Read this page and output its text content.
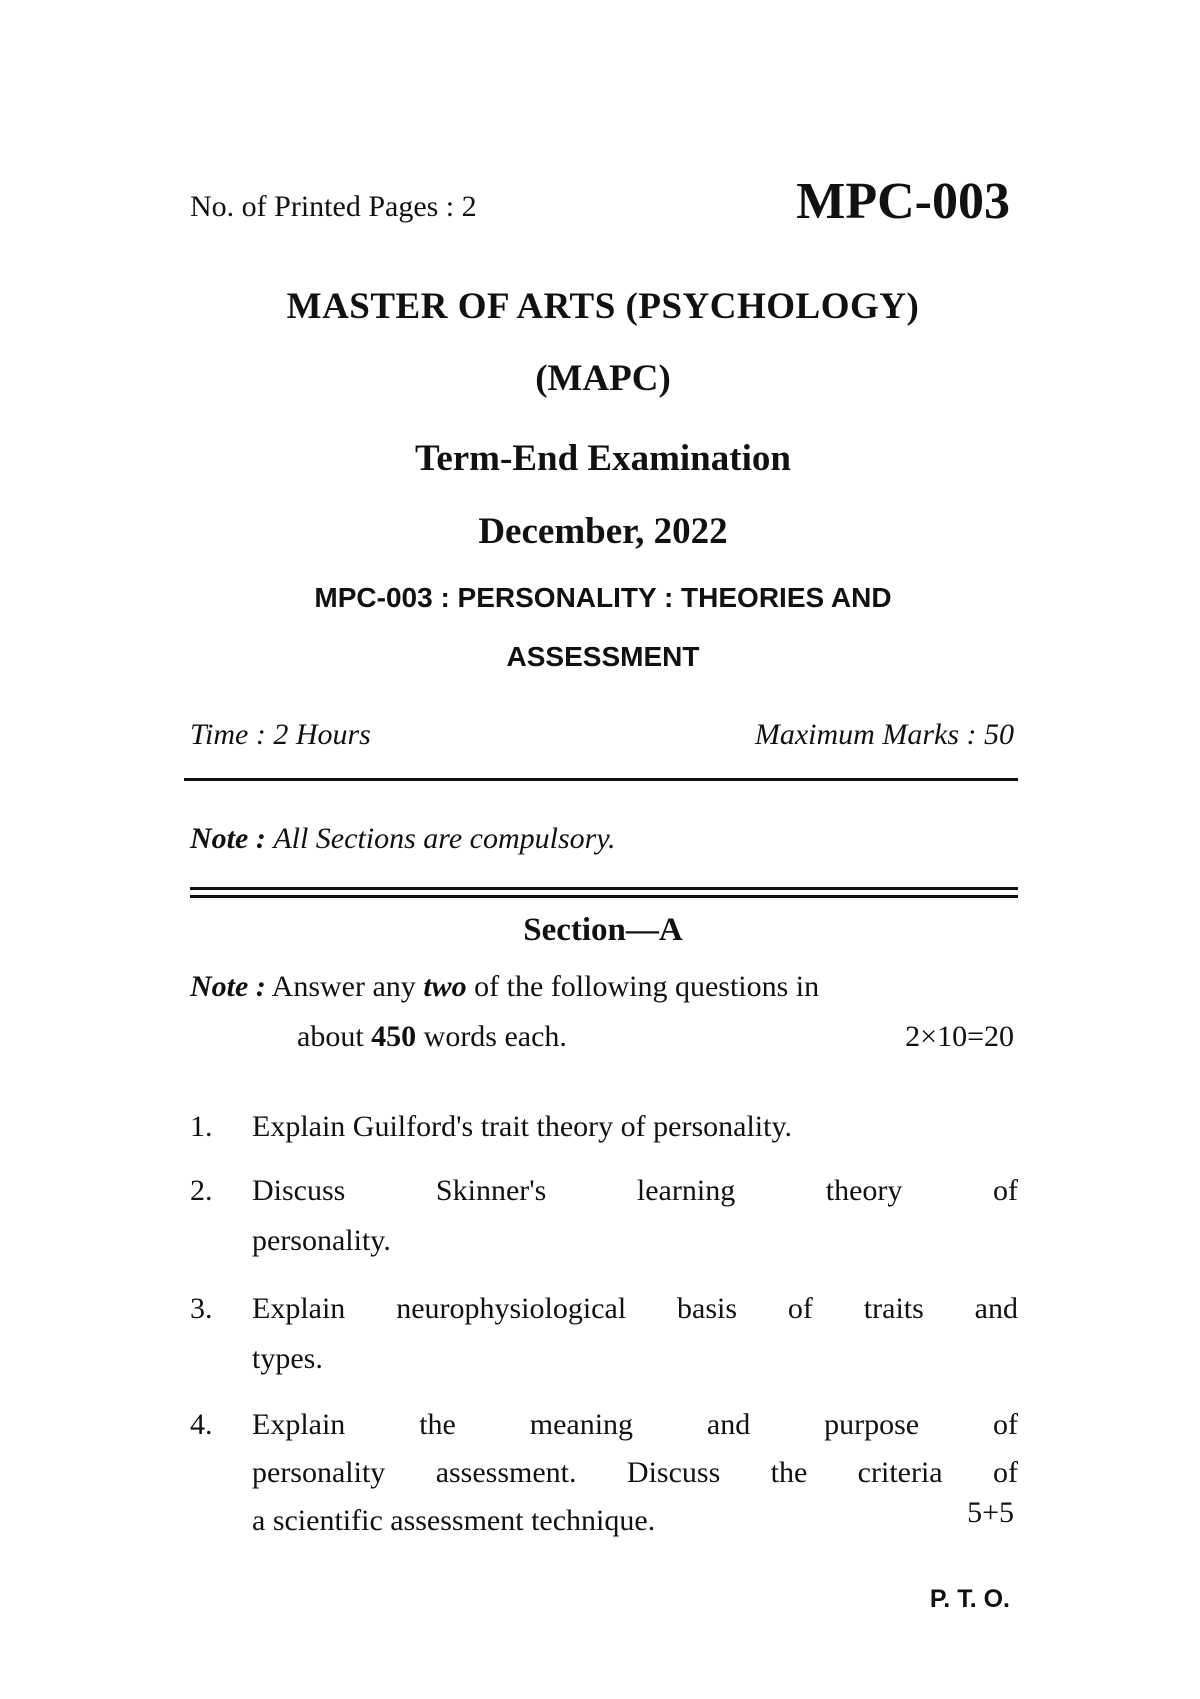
No. of Printed Pages : 2	MPC-003
MASTER OF ARTS (PSYCHOLOGY)
(MAPC)
Term-End Examination
December, 2022
MPC-003 : PERSONALITY : THEORIES AND
ASSESSMENT
Time : 2 Hours	Maximum Marks : 50
Note : All Sections are compulsory.
Section—A
Note : Answer any two of the following questions in
about 450 words each.	2×10=20
1. Explain Guilford's trait theory of personality.
2. Discuss Skinner's learning theory of
personality.
3. Explain neurophysiological basis of traits and
types.
4. Explain the meaning and purpose of
personality assessment. Discuss the criteria of
a scientific assessment technique.	5+5
P. T. O.
